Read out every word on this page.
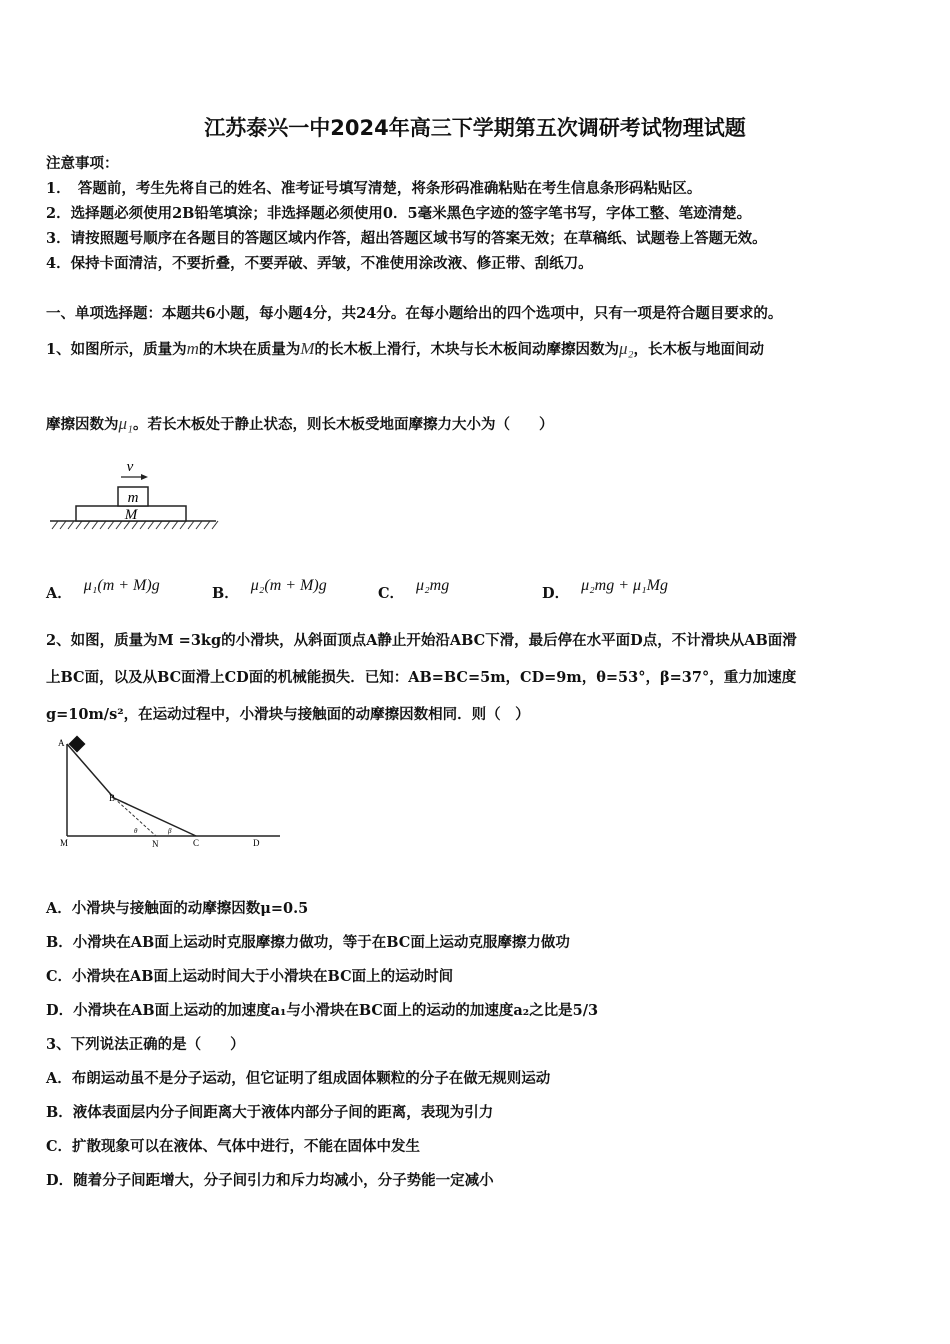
江苏泰兴一中2024年高三下学期第五次调研考试物理试题
注意事项：
1．　答题前，考生先将自己的姓名、准考证号填写清楚，将条形码准确粘贴在考生信息条形码粘贴区。
2．选择题必须使用2B铅笔填涂；非选择题必须使用0．5毫米黑色字迹的签字笔书写，字体工整、笔迹清楚。
3．请按照题号顺序在各题目的答题区域内作答，超出答题区域书写的答案无效；在草稿纸、试题卷上答题无效。
4．保持卡面清洁，不要折叠，不要弄破、弄皱，不准使用涂改液、修正带、刮纸刀。
一、单项选择题：本题共6小题，每小题4分，共24分。在每小题给出的四个选项中，只有一项是符合题目要求的。
1、如图所示，质量为m的木块在质量为M的长木板上滑行，木块与长木板间动摩擦因数为μ₂，长木板与地面间动
摩擦因数为μ₁。若长木板处于静止状态，则长木板受地面摩擦力大小为（　　）
m
M
v
A． μ₁(m + M)g	B． μ₂(m + M)g	C． μ₂mg	D． μ₂mg + μ₁Mg
2、如图，质量为M =3kg的小滑块，从斜面顶点A静止开始沿ABC下滑，最后停在水平面D点，不计滑块从AB面滑
上BC面，以及从BC面滑上CD面的机械能损失．已知：AB=BC=5m，CD=9m，θ=53°，β=37°，重力加速度
g=10m/s²，在运动过程中，小滑块与接触面的动摩擦因数相同．则（　）
A
B
M	N	C	D
θ	β
A．小滑块与接触面的动摩擦因数μ=0.5
B．小滑块在AB面上运动时克服摩擦力做功，等于在BC面上运动克服摩擦力做功
C．小滑块在AB面上运动时间大于小滑块在BC面上的运动时间
D．小滑块在AB面上运动的加速度a₁与小滑块在BC面上的运动的加速度a₂之比是5/3
3、下列说法正确的是（　　）
A．布朗运动虽不是分子运动，但它证明了组成固体颗粒的分子在做无规则运动
B．液体表面层内分子间距离大于液体内部分子间的距离，表现为引力
C．扩散现象可以在液体、气体中进行，不能在固体中发生
D．随着分子间距增大，分子间引力和斥力均减小，分子势能一定减小
